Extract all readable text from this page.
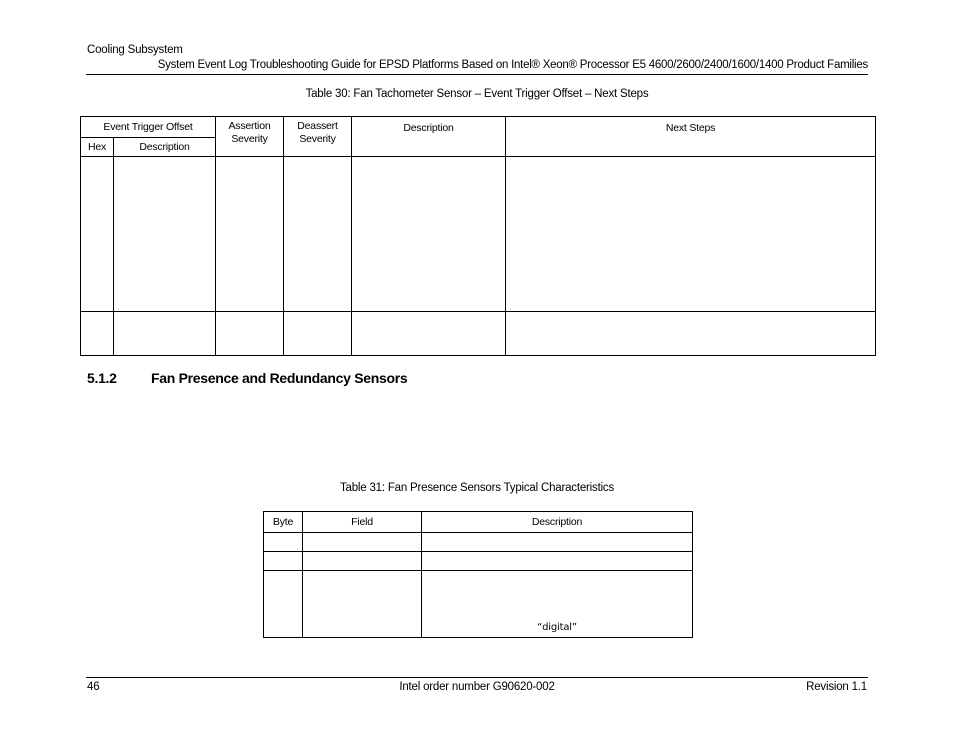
Cooling Subsystem
System Event Log Troubleshooting Guide for EPSD Platforms Based on Intel® Xeon® Processor E5 4600/2600/2400/1600/1400 Product Families
Table 30: Fan Tachometer Sensor – Event Trigger Offset – Next Steps
Event Trigger Offset		Assertion Severity	Deassert Severity	Description	Next Steps
Hex	Description				

5.1.2 Fan Presence and Redundancy Sensors
Table 31: Fan Presence Sensors Typical Characteristics
Byte	Field	Description

		“digital”
46	Intel order number G90620-002	Revision 1.1
